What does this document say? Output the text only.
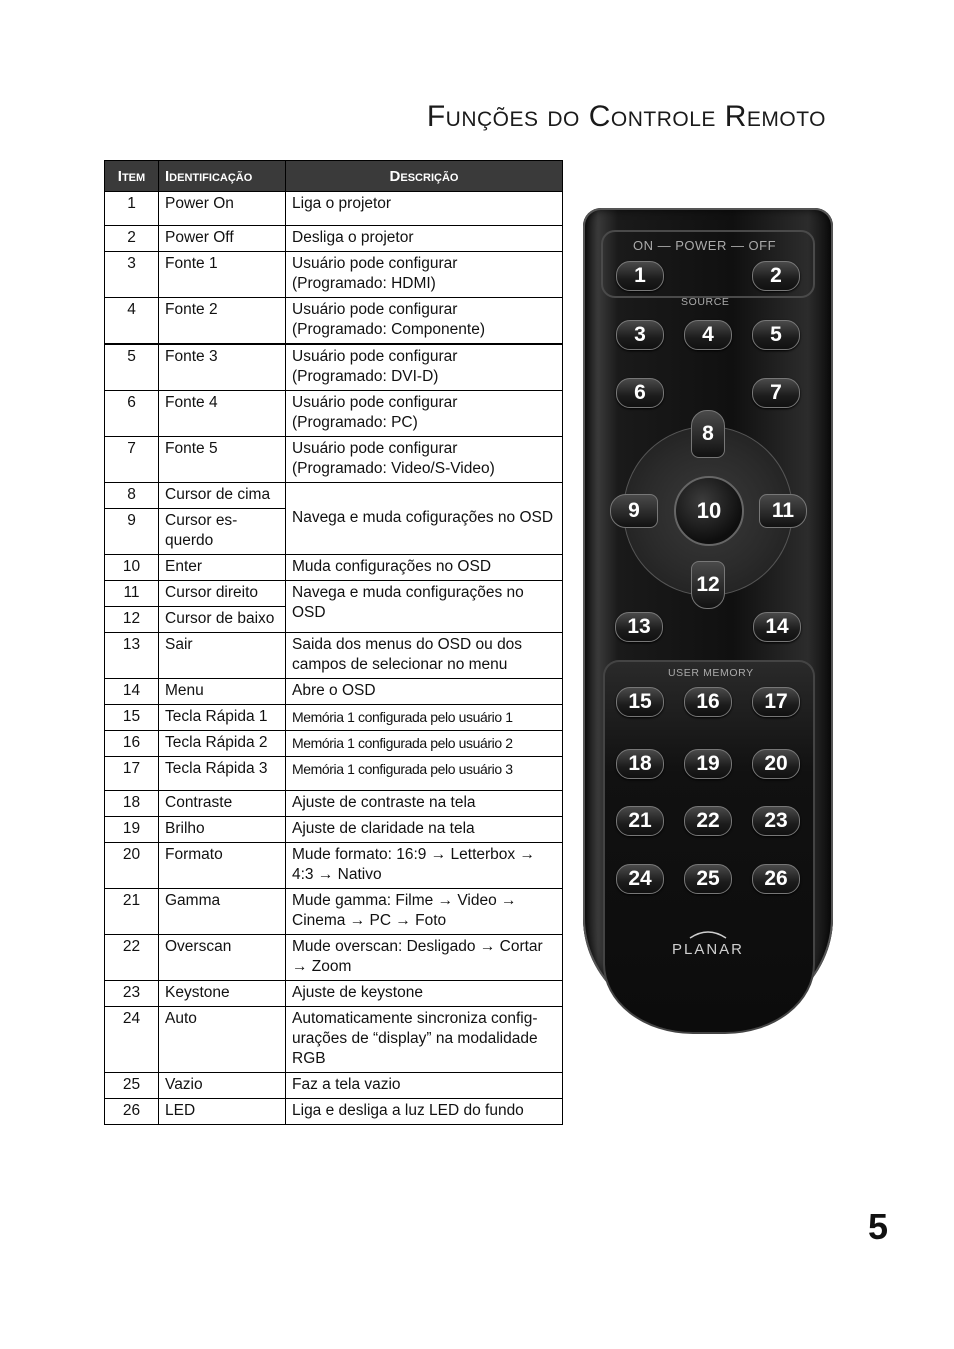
Funções do Controle Remoto
Item	Identificação	Descrição
1	Power On	Liga o projetor
2	Power Off	Desliga o projetor
3	Fonte 1	Usuário pode configurar (Programado: HDMI)
4	Fonte 2	Usuário pode configurar (Programado: Componente)
5	Fonte 3	Usuário pode configurar (Programado: DVI-D)
6	Fonte 4	Usuário pode configurar (Programado: PC)
7	Fonte 5	Usuário pode configurar (Programado: Video/S-Video)
8	Cursor de cima	Navega e muda cofigurações no OSD
9	Cursor es-querdo	
10	Enter	Muda configurações no OSD
11	Cursor direito	Navega e muda configurações no OSD
12	Cursor de baixo	
13	Sair	Saida dos menus do OSD ou dos campos de selecionar no menu
14	Menu	Abre o OSD
15	Tecla Rápida 1	Memória 1 configurada pelo usuário 1
16	Tecla Rápida 2	Memória 1 configurada pelo usuário 2
17	Tecla Rápida 3	Memória 1 configurada pelo usuário 3
18	Contraste	Ajuste de contraste na tela
19	Brilho	Ajuste de claridade na tela
20	Formato	Mude formato: 16:9 → Letterbox → 4:3 → Nativo
21	Gamma	Mude gamma: Filme → Video → Cinema → PC → Foto
22	Overscan	Mude overscan: Desligado → Cortar → Zoom
23	Keystone	Ajuste de keystone
24	Auto	Automaticamente sincroniza config-urações de “display” na modalidade RGB
25	Vazio	Faz a tela vazio
26	LED	Liga e desliga a luz LED do fundo
ON — POWER — OFF
1	2
SOURCE
3	4	5
6	7
8
9	10	11
12
13	14
USER MEMORY
15	16	17
18	19	20
21	22	23
24	25	26
PLANAR
5
